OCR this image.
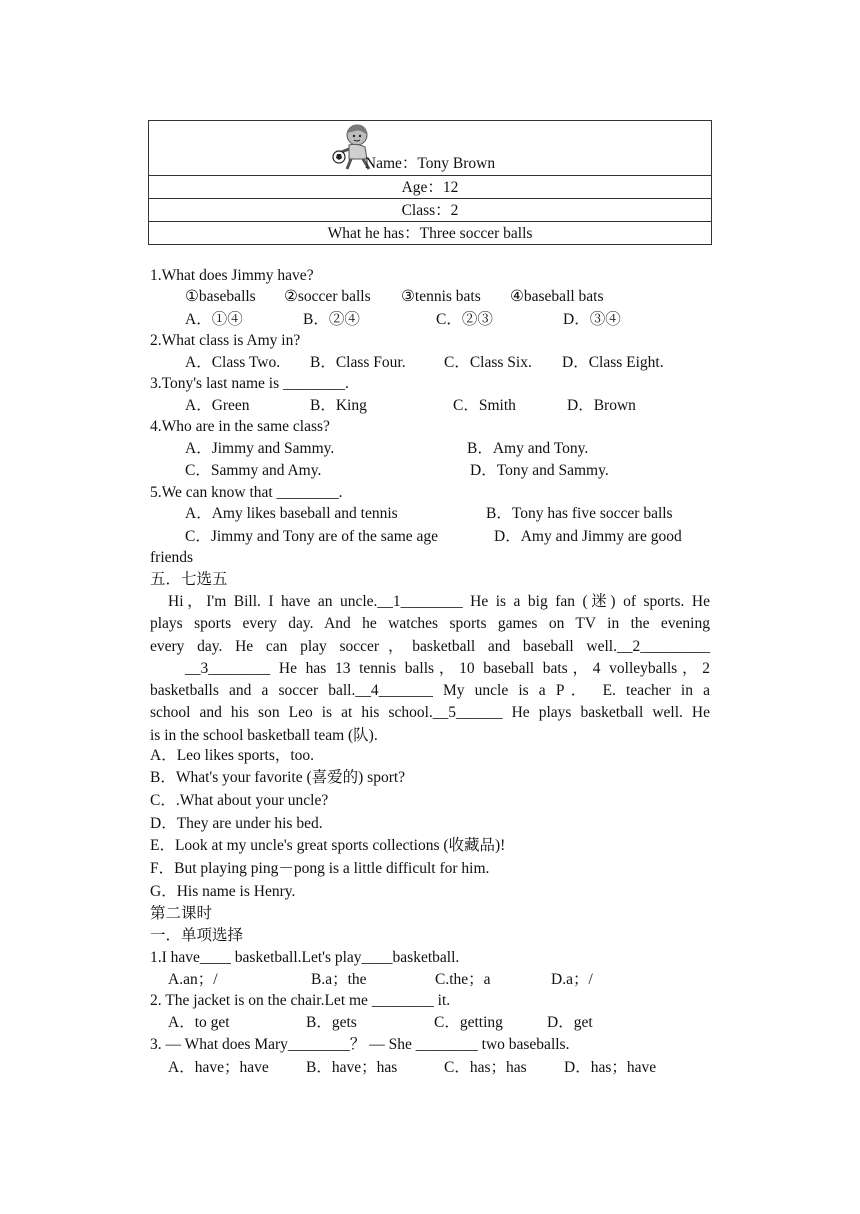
Name：Tony Brown
Age：12
Class：2
What he has：Three soccer balls
1.What does Jimmy have?
①baseballs ②soccer balls ③tennis bats ④baseball bats
A．①④	B．②④	C．②③	D．③④
2.What class is Amy in?
A．Class Two. B．Class Four. C．Class Six. D．Class Eight.
3.Tony's last name is ________.
A．Green	B．King	C．Smith	D．Brown
4.Who are in the same class?
A．Jimmy and Sammy.	B．Amy and Tony.
C．Sammy and Amy.	D．Tony and Sammy.
5.We can know that ________.
A．Amy likes baseball and tennis	B．Tony has five soccer balls
C．Jimmy and Tony are of the same age	D．Amy and Jimmy are good
friends
五．七选五
Hi，I'm Bill. I have an uncle.__1________ He is a big fan (迷) of sports. He
plays sports every day. And he watches sports games on TV in the evening
every day. He can play soccer，basketball and baseball well.__2_________
__3________ He has 13 tennis balls，10 baseball bats，4 volleyballs，2
basketballs and a soccer ball.__4_______ My uncle is a P． E. teacher in a
school and his son Leo is at his school.__5______ He plays basketball well. He
is in the school basketball team (队).
A．Leo likes sports，too.
B．What's your favorite (喜爱的) sport?
C．.What about your uncle?
D．They are under his bed.
E．Look at my uncle's great sports collections (收藏品)!
F．But playing ping－pong is a little difficult for him.
G．His name is Henry.
第二课时
一．单项选择
1.I have____ basketball.Let's play____basketball.
A.an；/	B.a；the	C.the；a	D.a；/
2. The jacket is on the chair.Let me ________ it.
A．to get	B．gets	C．getting	D．get
3. — What does Mary________？ — She ________ two baseballs.
A．have；have B．have；has	C．has；has D．has；have
